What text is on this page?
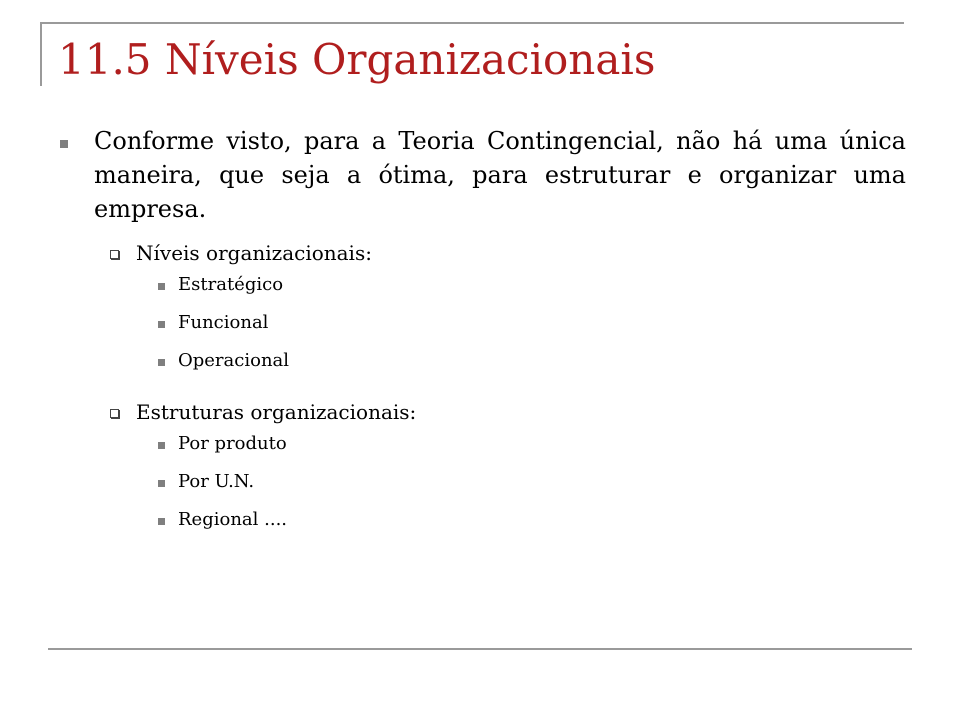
11.5 Níveis Organizacionais
Conforme visto, para a Teoria Contingencial, não há uma única maneira, que seja a ótima, para estruturar e organizar uma empresa.
Níveis organizacionais:
Estratégico
Funcional
Operacional
Estruturas organizacionais:
Por produto
Por U.N.
Regional ....
